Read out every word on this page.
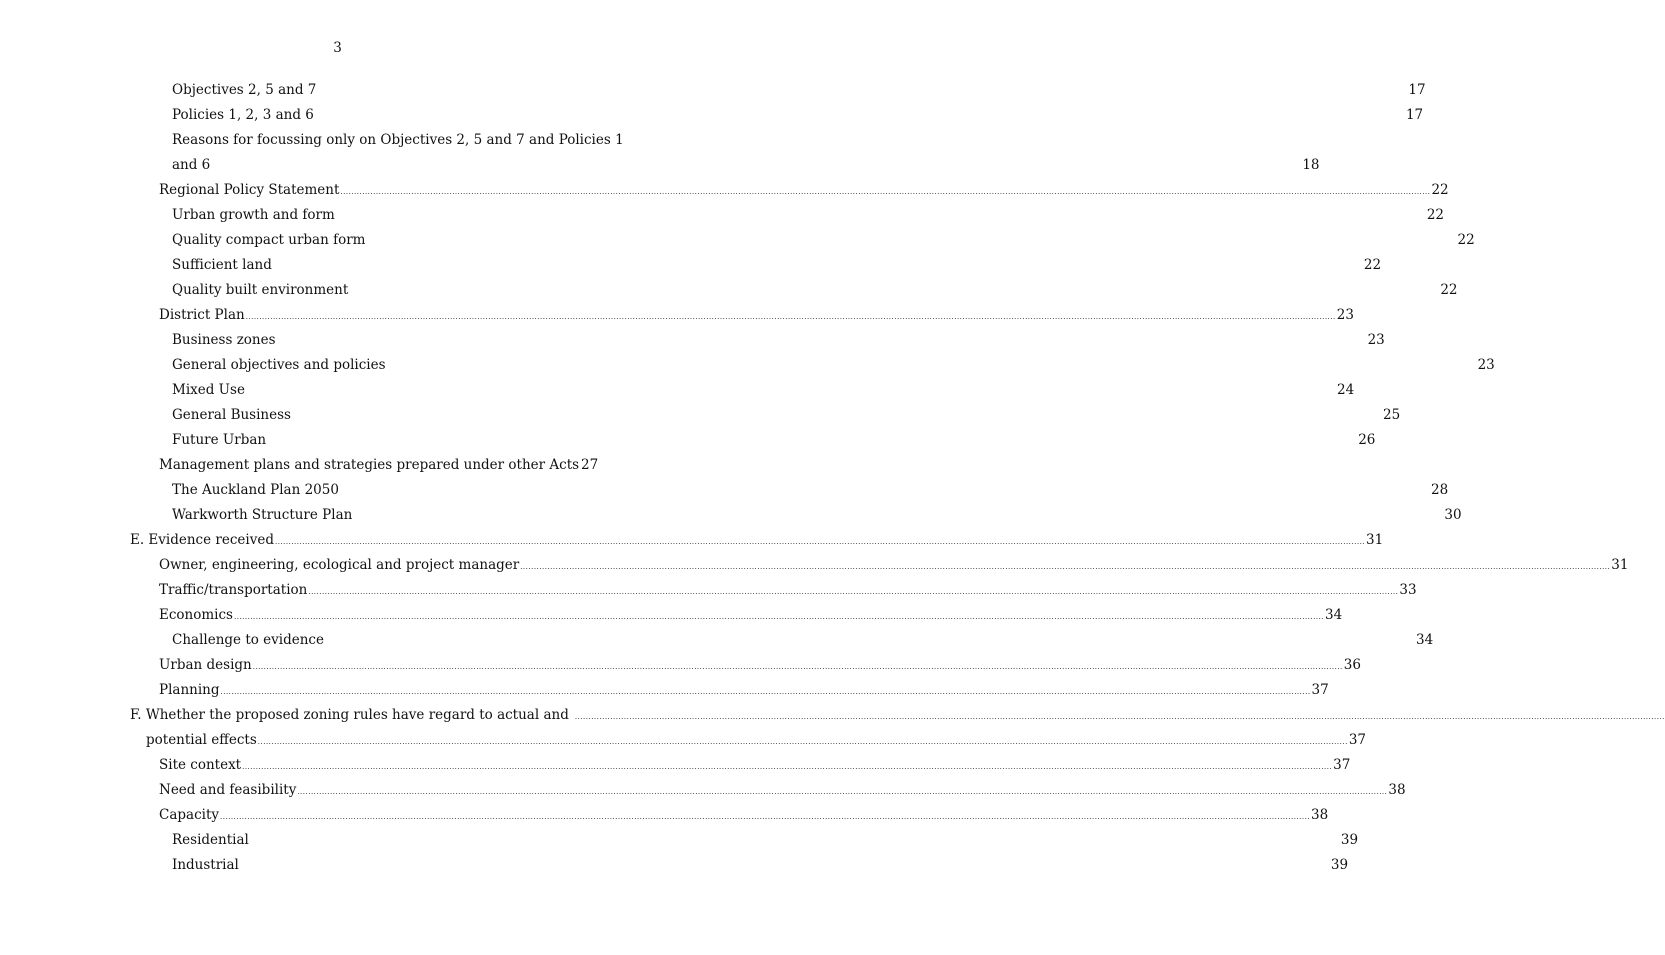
3
Objectives 2, 5 and 7	17
Policies 1, 2, 3 and 6	17
Reasons for focussing only on Objectives 2, 5 and 7 and Policies 1
and 6	18
Regional Policy Statement ................................................................................................................................................................................................................................................................................................................................................................................................................ 22
Urban growth and form	22
Quality compact urban form	22
Sufficient land	22
Quality built environment	22
District Plan ................................................................................................................................................................................................................................................................................................................................................................................................................ 23
Business zones	23
General objectives and policies	23
Mixed Use	24
General Business	25
Future Urban	26
Management plans and strategies prepared under other Acts 27
The Auckland Plan 2050	28
Warkworth Structure Plan	30
E. Evidence received ................................................................................................................................................................................................................................................................................................................................................................................................................ 31
Owner, engineering, ecological and project manager ................................................................................................................................................................................................................................................................................................................................................................................................................ 31
Traffic/transportation ................................................................................................................................................................................................................................................................................................................................................................................................................ 33
Economics ................................................................................................................................................................................................................................................................................................................................................................................................................ 34
Challenge to evidence	34
Urban design ................................................................................................................................................................................................................................................................................................................................................................................................................ 36
Planning ................................................................................................................................................................................................................................................................................................................................................................................................................ 37
F. Whether the proposed zoning rules have regard to actual and ................................................................................................................................................................................................................................................................................................................................................................................................................
potential effects ................................................................................................................................................................................................................................................................................................................................................................................................................ 37
Site context ................................................................................................................................................................................................................................................................................................................................................................................................................ 37
Need and feasibility ................................................................................................................................................................................................................................................................................................................................................................................................................ 38
Capacity ................................................................................................................................................................................................................................................................................................................................................................................................................ 38
Residential	39
Industrial	39
